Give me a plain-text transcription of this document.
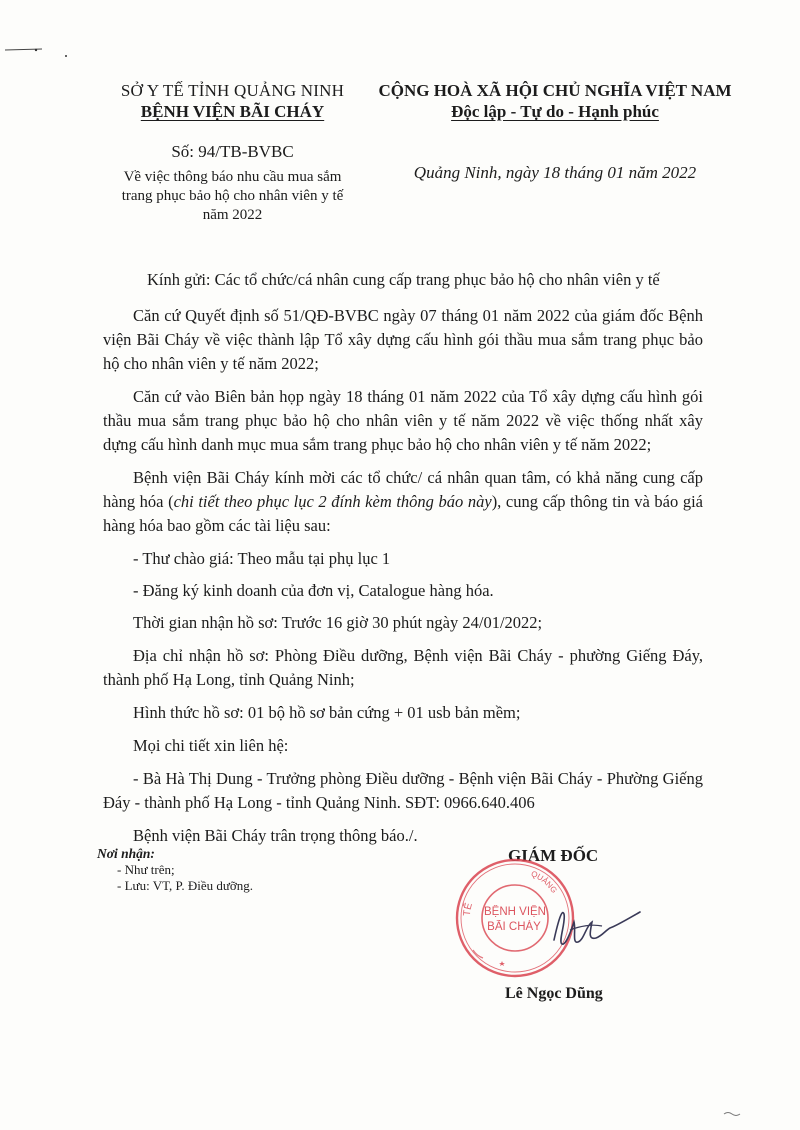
SỞ Y TẾ TỈNH QUẢNG NINH
BỆNH VIỆN BÃI CHÁY
Số: 94/TB-BVBC
Về việc thông báo nhu cầu mua sắm
trang phục bảo hộ cho nhân viên y tế
năm 2022
CỘNG HOÀ XÃ HỘI CHỦ NGHĨA VIỆT NAM
Độc lập - Tự do - Hạnh phúc
Quảng Ninh, ngày 18 tháng 01 năm 2022

Kính gửi: Các tổ chức/cá nhân cung cấp trang phục bảo hộ cho nhân viên y tế

Căn cứ Quyết định số 51/QĐ-BVBC ngày 07 tháng 01 năm 2022 của giám đốc Bệnh viện Bãi Cháy về việc thành lập Tổ xây dựng cấu hình gói thầu mua sắm trang phục bảo hộ cho nhân viên y tế năm 2022;

Căn cứ vào Biên bản họp ngày 18 tháng 01 năm 2022 của Tổ xây dựng cấu hình gói thầu mua sắm trang phục bảo hộ cho nhân viên y tế năm 2022 về việc thống nhất xây dựng cấu hình danh mục mua sắm trang phục bảo hộ cho nhân viên y tế năm 2022;

Bệnh viện Bãi Cháy kính mời các tổ chức/ cá nhân quan tâm, có khả năng cung cấp hàng hóa (chi tiết theo phục lục 2 đính kèm thông báo này), cung cấp thông tin và báo giá hàng hóa bao gồm các tài liệu sau:

- Thư chào giá: Theo mẫu tại phụ lục 1

- Đăng ký kinh doanh của đơn vị, Catalogue hàng hóa.

Thời gian nhận hồ sơ: Trước 16 giờ 30 phút ngày 24/01/2022;

Địa chỉ nhận hồ sơ: Phòng Điều dưỡng, Bệnh viện Bãi Cháy - phường Giếng Đáy, thành phố Hạ Long, tỉnh Quảng Ninh;

Hình thức hồ sơ: 01 bộ hồ sơ bản cứng + 01 usb bản mềm;

Mọi chi tiết xin liên hệ:

- Bà Hà Thị Dung - Trưởng phòng Điều dưỡng - Bệnh viện Bãi Cháy - Phường Giếng Đáy - thành phố Hạ Long - tỉnh Quảng Ninh. SĐT: 0966.640.406

Bệnh viện Bãi Cháy trân trọng thông báo./.

Nơi nhận:
- Như trên;
- Lưu: VT, P. Điều dưỡng.
GIÁM ĐỐC
TẾ
QUẢNG
BỆNH VIỆN
BÃI CHÁY
Lê Ngọc Dũng
